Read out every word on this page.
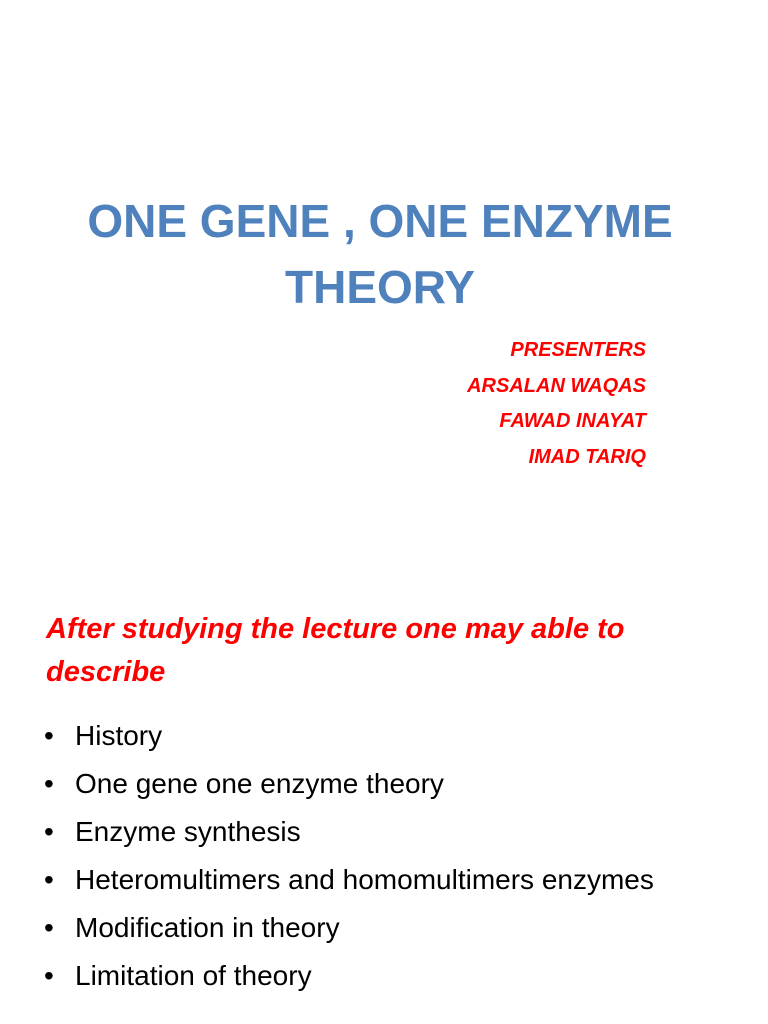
ONE GENE , ONE ENZYME
THEORY
PRESENTERS
ARSALAN WAQAS
FAWAD INAYAT
IMAD TARIQ
After studying the lecture one may able to describe
• History
• One gene one enzyme theory
• Enzyme synthesis
• Heteromultimers and homomultimers enzymes
• Modification in theory
• Limitation of theory
